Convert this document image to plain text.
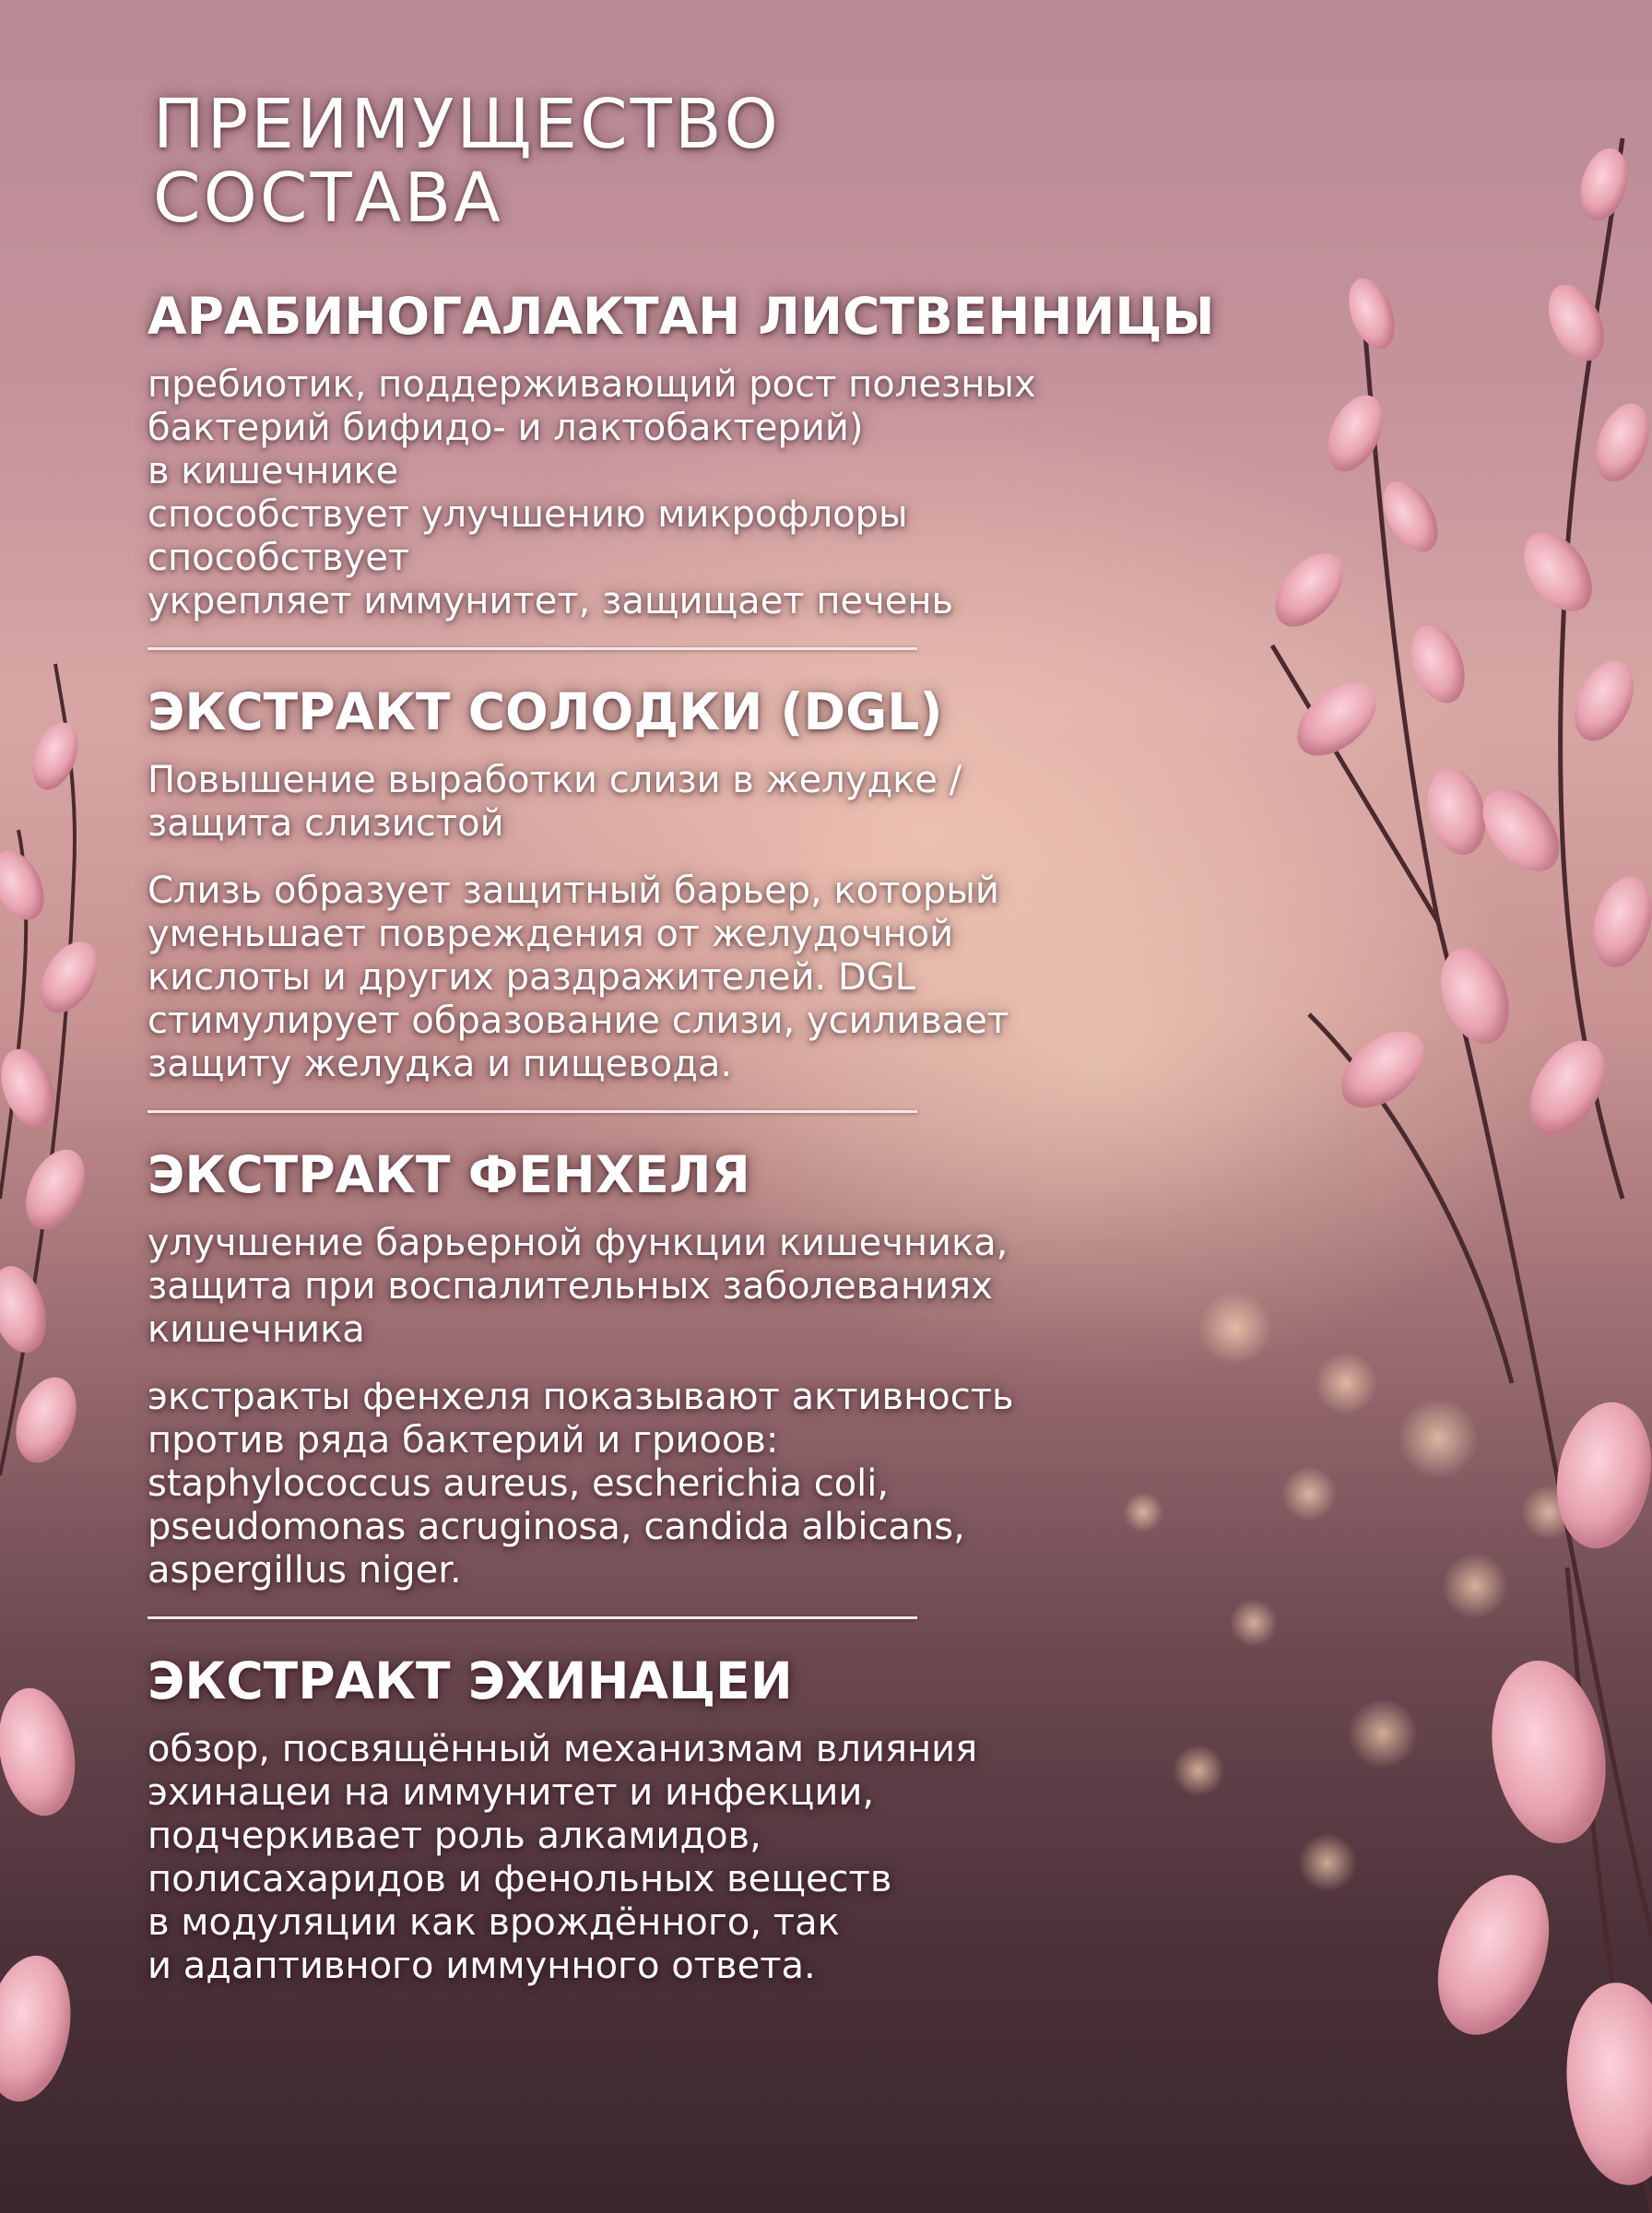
ПРЕИМУЩЕСТВО
СОСТАВА
АРАБИНОГАЛАКТАН ЛИСТВЕННИЦЫ
пребиотик, поддерживающий рост полезных
бактерий бифидо- и лактобактерий)
в кишечнике
способствует улучшению микрофлоры
способствует
укрепляет иммунитет, защищает печень
ЭКСТРАКТ СОЛОДКИ (DGL)
Повышение выработки слизи в желудке /
защита слизистой
Слизь образует защитный барьер, который
уменьшает повреждения от желудочной
кислоты и других раздражителей. DGL
стимулирует образование слизи, усиливает
защиту желудка и пищевода.
ЭКСТРАКТ ФЕНХЕЛЯ
улучшение барьерной функции кишечника,
защита при воспалительных заболеваниях
кишечника
экстракты фенхеля показывают активность
против ряда бактерий и гриоов:
staphylococcus aureus, escherichia coli,
pseudomonas acruginosa, candida albicans,
aspergillus niger.
ЭКСТРАКТ ЭХИНАЦЕИ
обзор, посвящённый механизмам влияния
эхинацеи на иммунитет и инфекции,
подчеркивает роль алкамидов,
полисахаридов и фенольных веществ
в модуляции как врождённого, так
и адаптивного иммунного ответа.
